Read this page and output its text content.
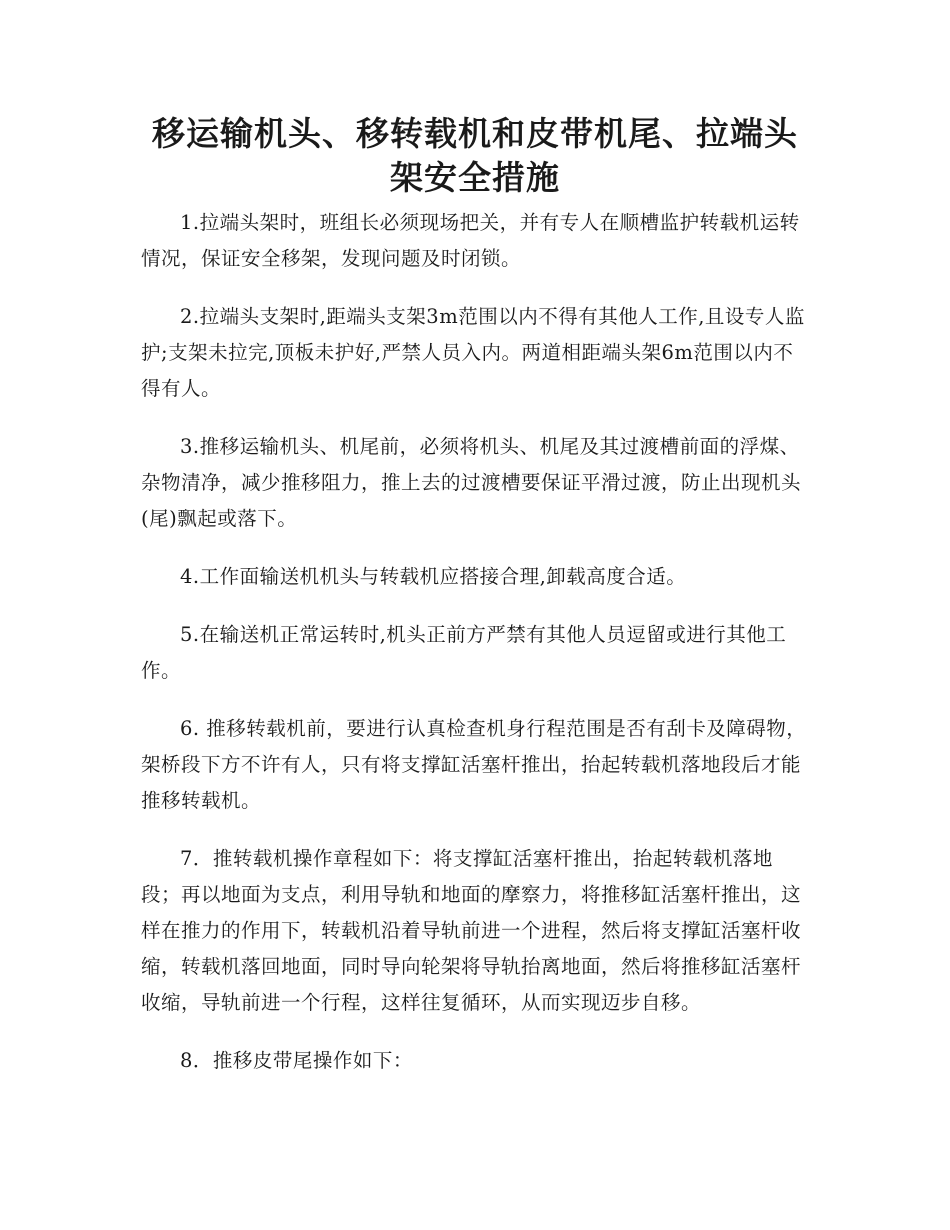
移运输机头、移转载机和皮带机尾、拉端头架安全措施

1.拉端头架时，班组长必须现场把关，并有专人在顺槽监护转载机运转情况，保证安全移架，发现问题及时闭锁。

2.拉端头支架时,距端头支架3m范围以内不得有其他人工作,且设专人监护;支架未拉完,顶板未护好,严禁人员入内。两道相距端头架6m范围以内不得有人。

3.推移运输机头、机尾前，必须将机头、机尾及其过渡槽前面的浮煤、杂物清净，减少推移阻力，推上去的过渡槽要保证平滑过渡，防止出现机头(尾)飘起或落下。

4.工作面输送机机头与转载机应搭接合理,卸载高度合适。

5.在输送机正常运转时,机头正前方严禁有其他人员逗留或进行其他工作。

6. 推移转载机前，要进行认真检查机身行程范围是否有刮卡及障碍物，架桥段下方不许有人，只有将支撑缸活塞杆推出，抬起转载机落地段后才能推移转载机。

7．推转载机操作章程如下：将支撑缸活塞杆推出，抬起转载机落地段；再以地面为支点，利用导轨和地面的摩察力，将推移缸活塞杆推出，这样在推力的作用下，转载机沿着导轨前进一个进程，然后将支撑缸活塞杆收缩，转载机落回地面，同时导向轮架将导轨抬离地面，然后将推移缸活塞杆收缩，导轨前进一个行程，这样往复循环，从而实现迈步自移。

8．推移皮带尾操作如下：
